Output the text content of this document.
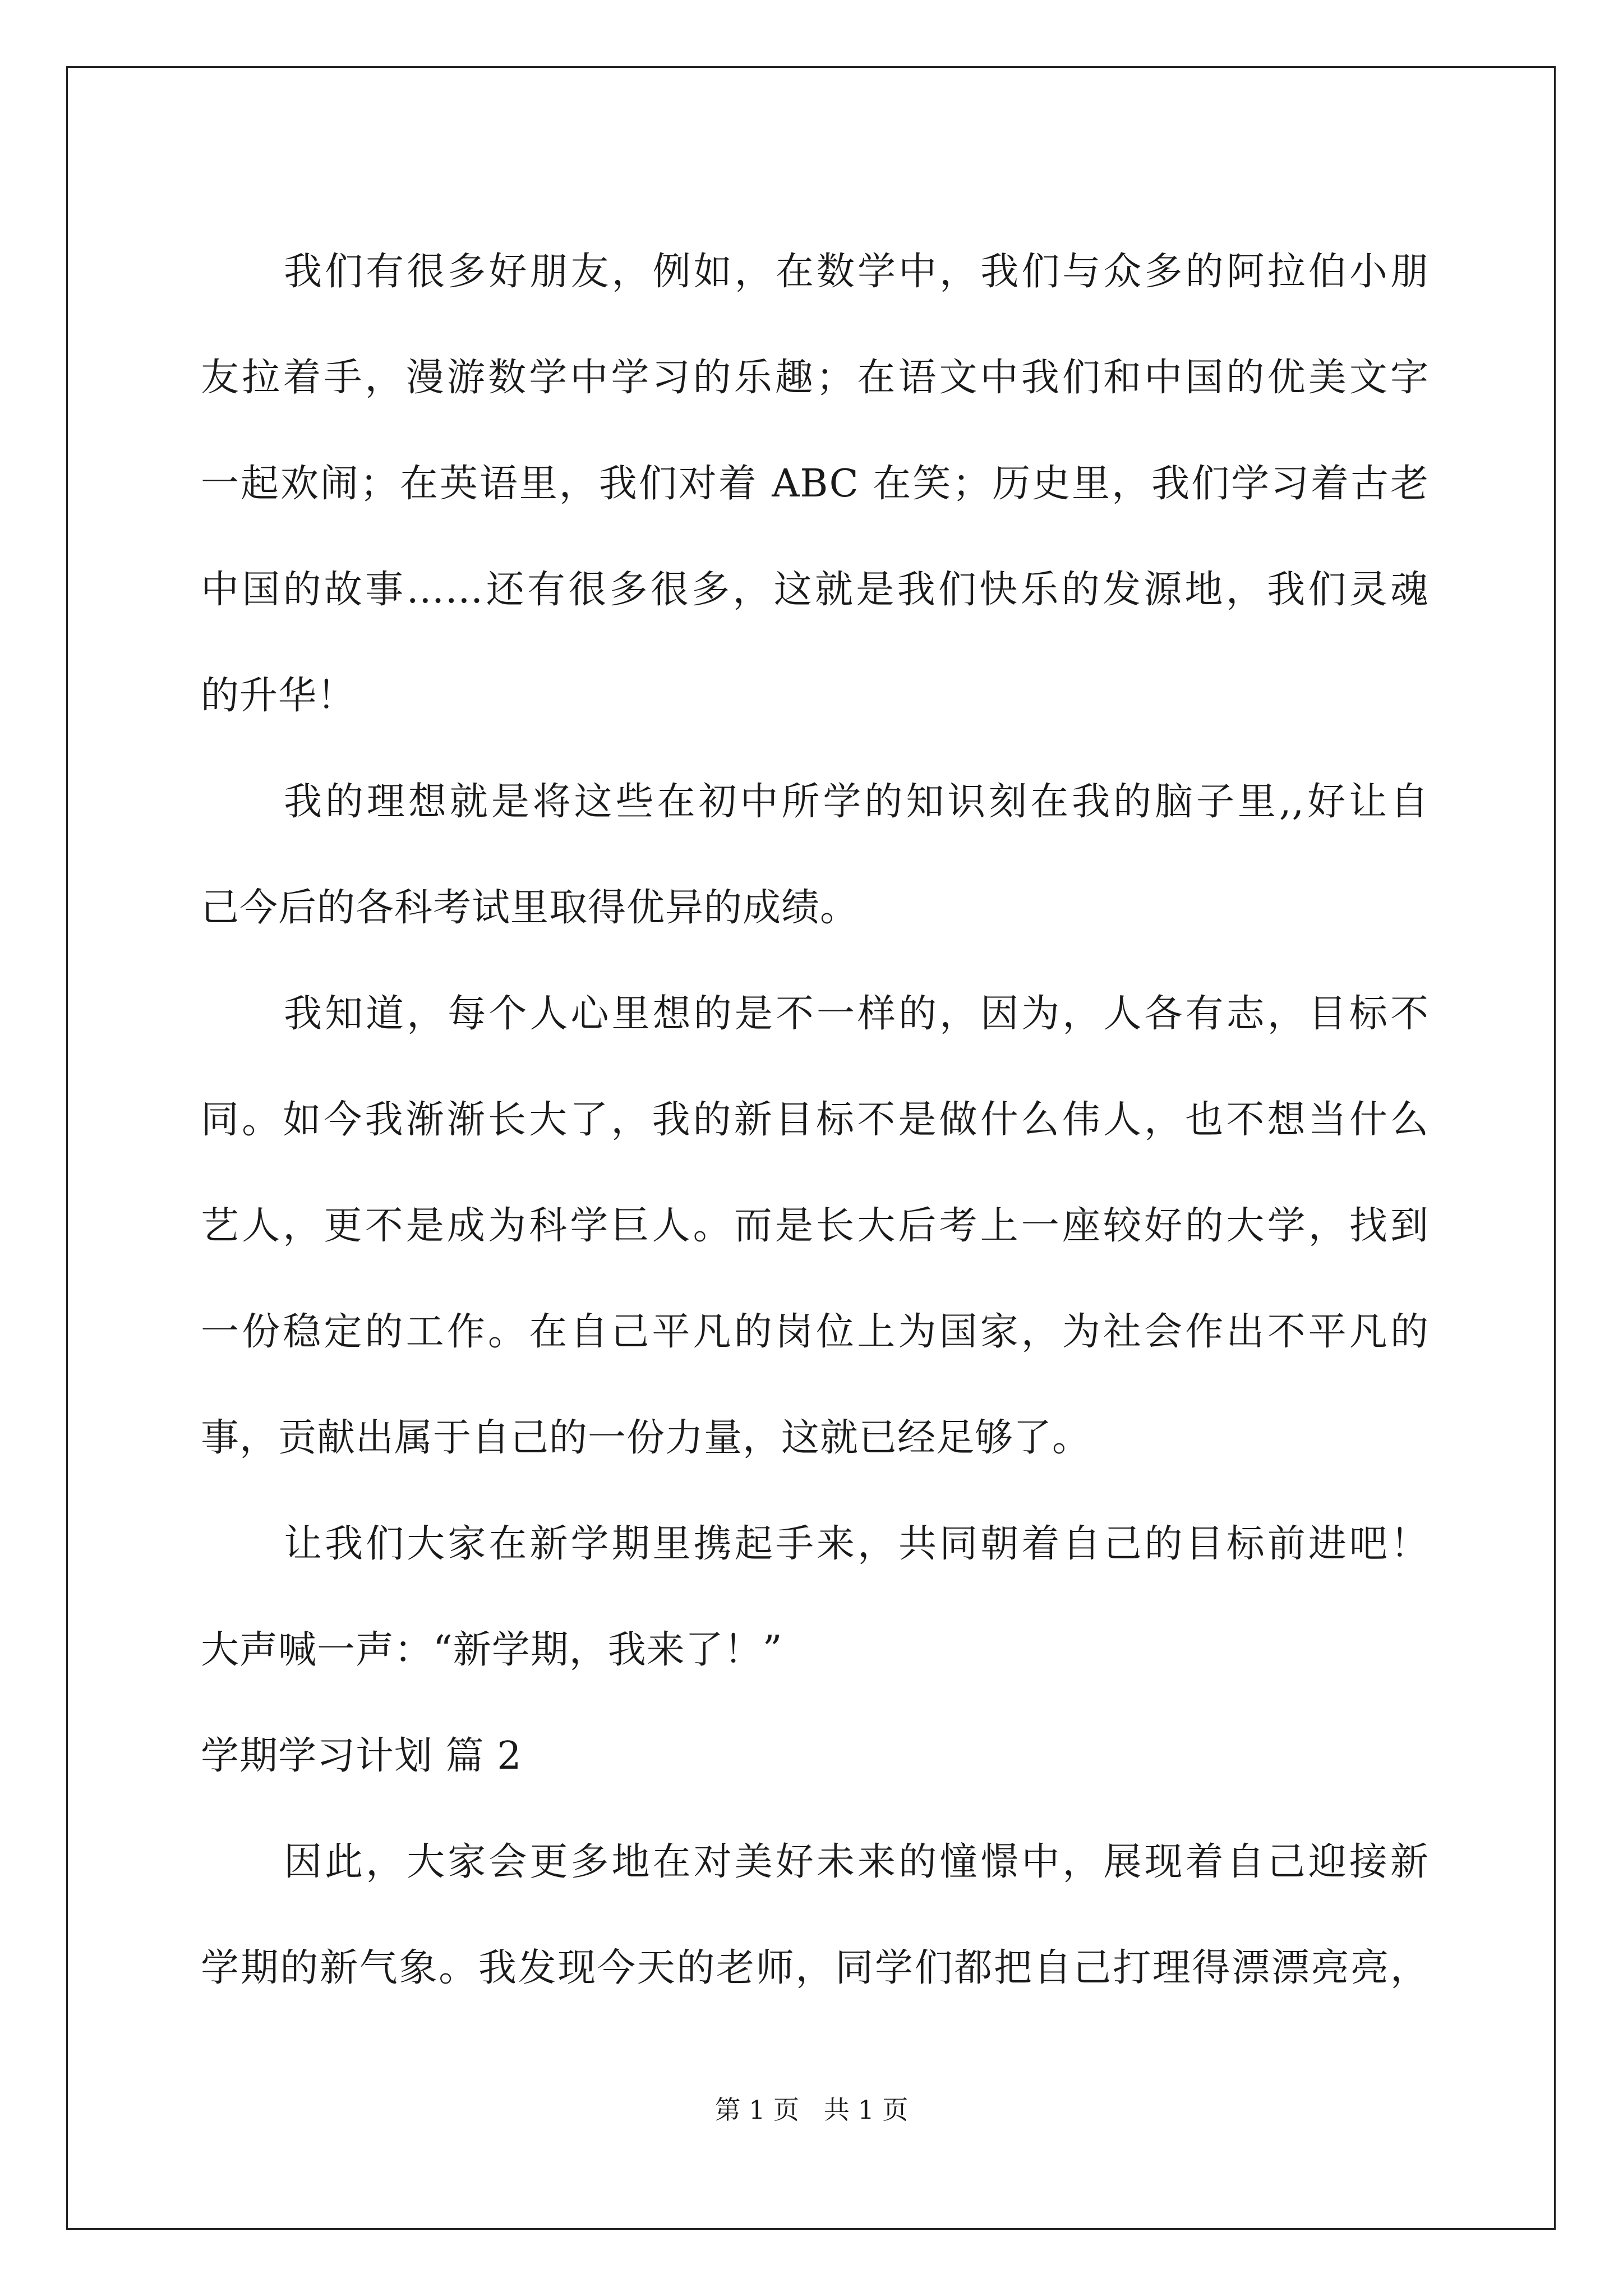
我们有很多好朋友，例如，在数学中，我们与众多的阿拉伯小朋
友拉着手，漫游数学中学习的乐趣；在语文中我们和中国的优美文字
一起欢闹；在英语里，我们对着 ABC 在笑；历史里，我们学习着古老
中国的故事……还有很多很多，这就是我们快乐的发源地，我们灵魂
的升华！
我的理想就是将这些在初中所学的知识刻在我的脑子里,,好让自
己今后的各科考试里取得优异的成绩。
我知道，每个人心里想的是不一样的，因为，人各有志，目标不
同。如今我渐渐长大了，我的新目标不是做什么伟人，也不想当什么
艺人，更不是成为科学巨人。而是长大后考上一座较好的大学，找到
一份稳定的工作。在自己平凡的岗位上为国家，为社会作出不平凡的
事，贡献出属于自己的一份力量，这就已经足够了。
让我们大家在新学期里携起手来，共同朝着自己的目标前进吧！
大声喊一声：“新学期，我来了！”
学期学习计划 篇 2
因此，大家会更多地在对美好未来的憧憬中，展现着自己迎接新
学期的新气象。我发现今天的老师，同学们都把自己打理得漂漂亮亮，
第 1 页   共 1 页
